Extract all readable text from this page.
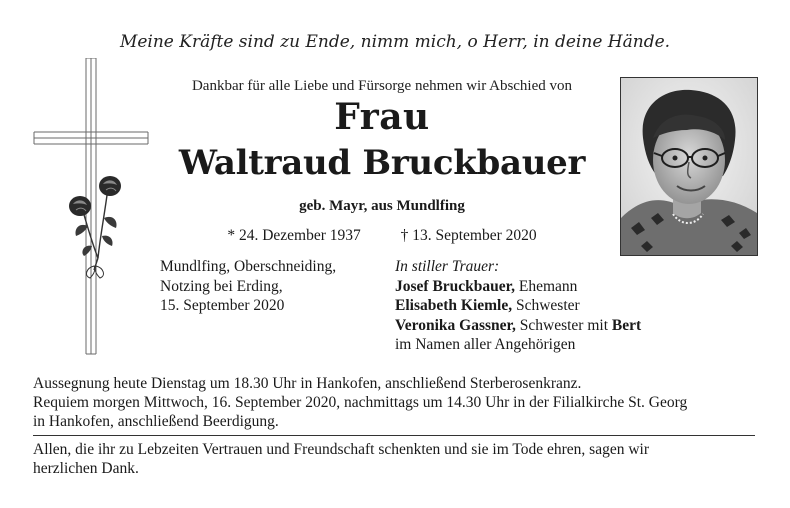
Meine Kräfte sind zu Ende, nimm mich, o Herr, in deine Hände.
Dankbar für alle Liebe und Fürsorge nehmen wir Abschied von
Frau
Waltraud Bruckbauer
geb. Mayr, aus Mundlfing
* 24. Dezember 1937	† 13. September 2020
Mundlfing, Oberschneiding,
Notzing bei Erding,
15. September 2020
In stiller Trauer:
Josef Bruckbauer, Ehemann
Elisabeth Kiemle, Schwester
Veronika Gassner, Schwester mit Bert
im Namen aller Angehörigen
Aussegnung heute Dienstag um 18.30 Uhr in Hankofen, anschließend Sterberosenkranz.
Requiem morgen Mittwoch, 16. September 2020, nachmittags um 14.30 Uhr in der Filialkirche St. Georg
in Hankofen, anschließend Beerdigung.
Allen, die ihr zu Lebzeiten Vertrauen und Freundschaft schenkten und sie im Tode ehren, sagen wir
herzlichen Dank.
